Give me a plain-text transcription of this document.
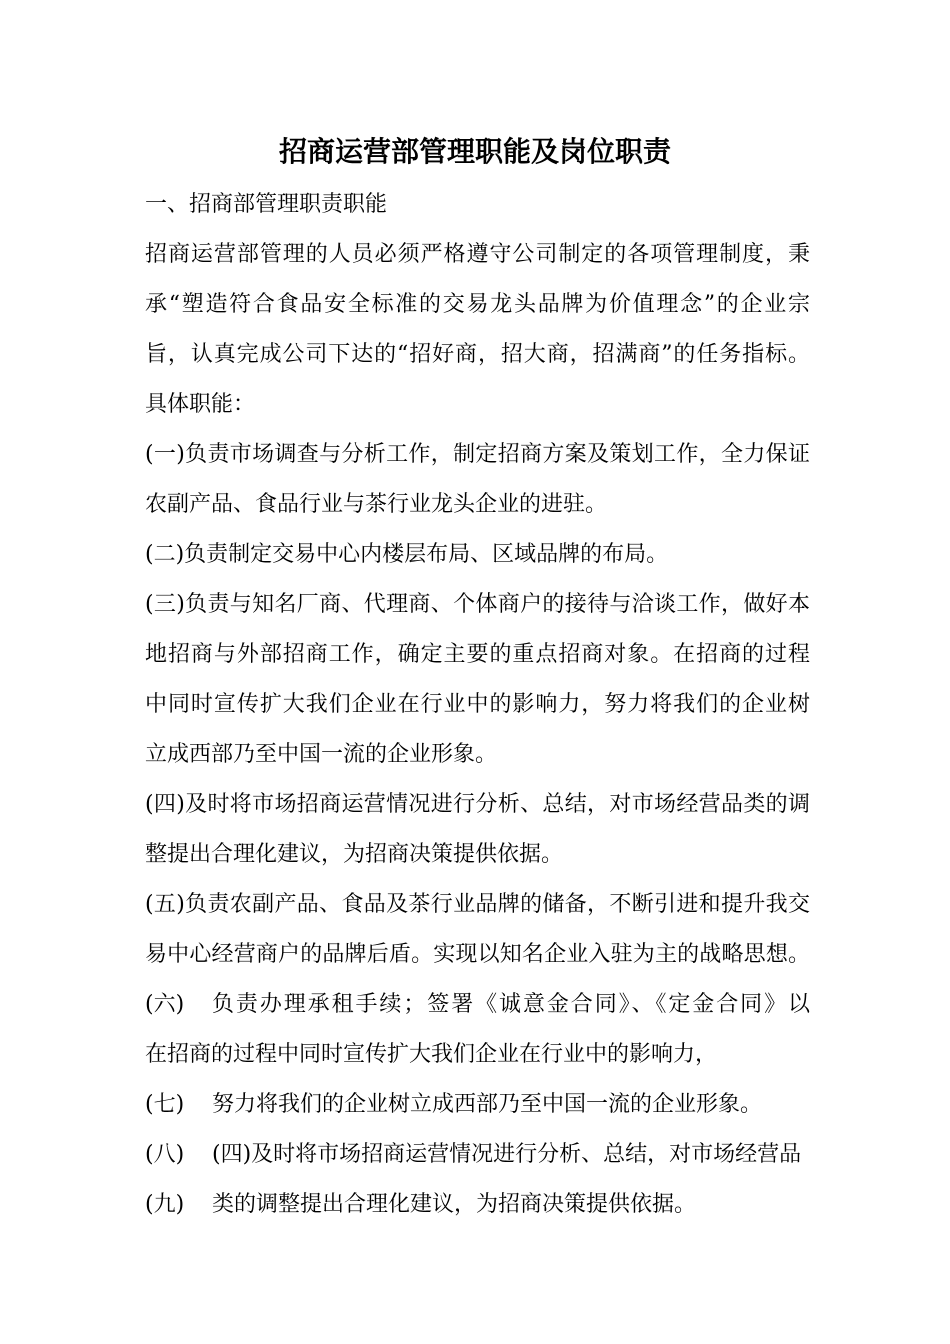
招商运营部管理职能及岗位职责
一、招商部管理职责职能
招商运营部管理的人员必须严格遵守公司制定的各项管理制度，秉
承“塑造符合食品安全标准的交易龙头品牌为价值理念”的企业宗
旨，认真完成公司下达的“招好商，招大商，招满商”的任务指标。
具体职能：
(一)负责市场调查与分析工作，制定招商方案及策划工作，全力保证
农副产品、食品行业与茶行业龙头企业的进驻。
(二)负责制定交易中心内楼层布局、区域品牌的布局。
(三)负责与知名厂商、代理商、个体商户的接待与洽谈工作，做好本
地招商与外部招商工作，确定主要的重点招商对象。在招商的过程
中同时宣传扩大我们企业在行业中的影响力，努力将我们的企业树
立成西部乃至中国一流的企业形象。
(四)及时将市场招商运营情况进行分析、总结，对市场经营品类的调
整提出合理化建议，为招商决策提供依据。
(五)负责农副产品、食品及茶行业品牌的储备，不断引进和提升我交
易中心经营商户的品牌后盾。实现以知名企业入驻为主的战略思想。
(六) 负责办理承租手续；签署《诚意金合同》、《定金合同》以
在招商的过程中同时宣传扩大我们企业在行业中的影响力，
(七) 努力将我们的企业树立成西部乃至中国一流的企业形象。
(八) (四)及时将市场招商运营情况进行分析、总结，对市场经营品
(九) 类的调整提出合理化建议，为招商决策提供依据。
